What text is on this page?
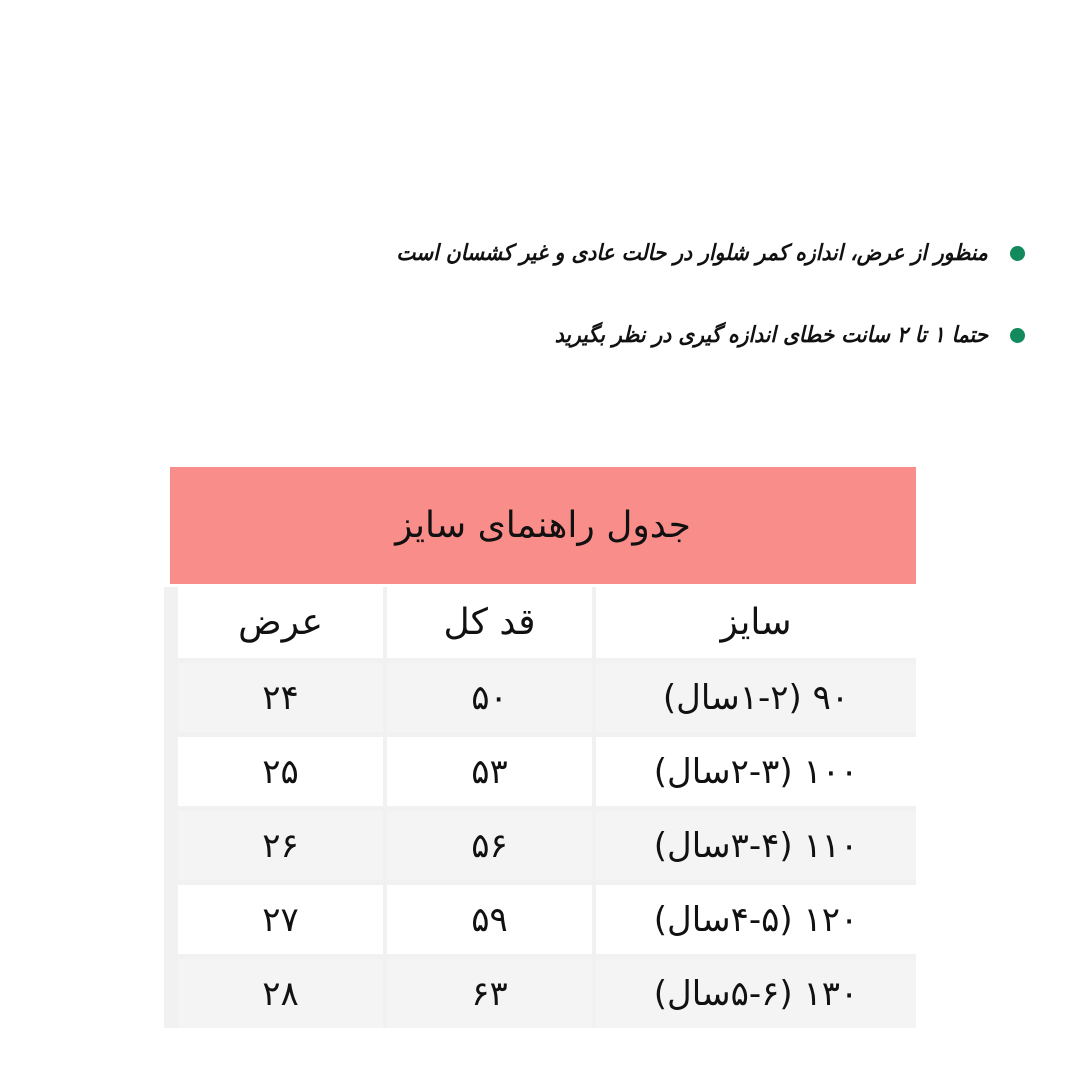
منظور از عرض، اندازه کمر شلوار در حالت عادی و غیر کشسان است
حتما ۱ تا ۲ سانت خطای اندازه گیری در نظر بگیرید
جدول راهنمای سایز
سایز
قد کل
عرض
۹۰ (۱-۲سال)
۵۰
۲۴
۱۰۰ (۲-۳سال)
۵۳
۲۵
۱۱۰ (۳-۴سال)
۵۶
۲۶
۱۲۰ (۴-۵سال)
۵۹
۲۷
۱۳۰ (۵-۶سال)
۶۳
۲۸
